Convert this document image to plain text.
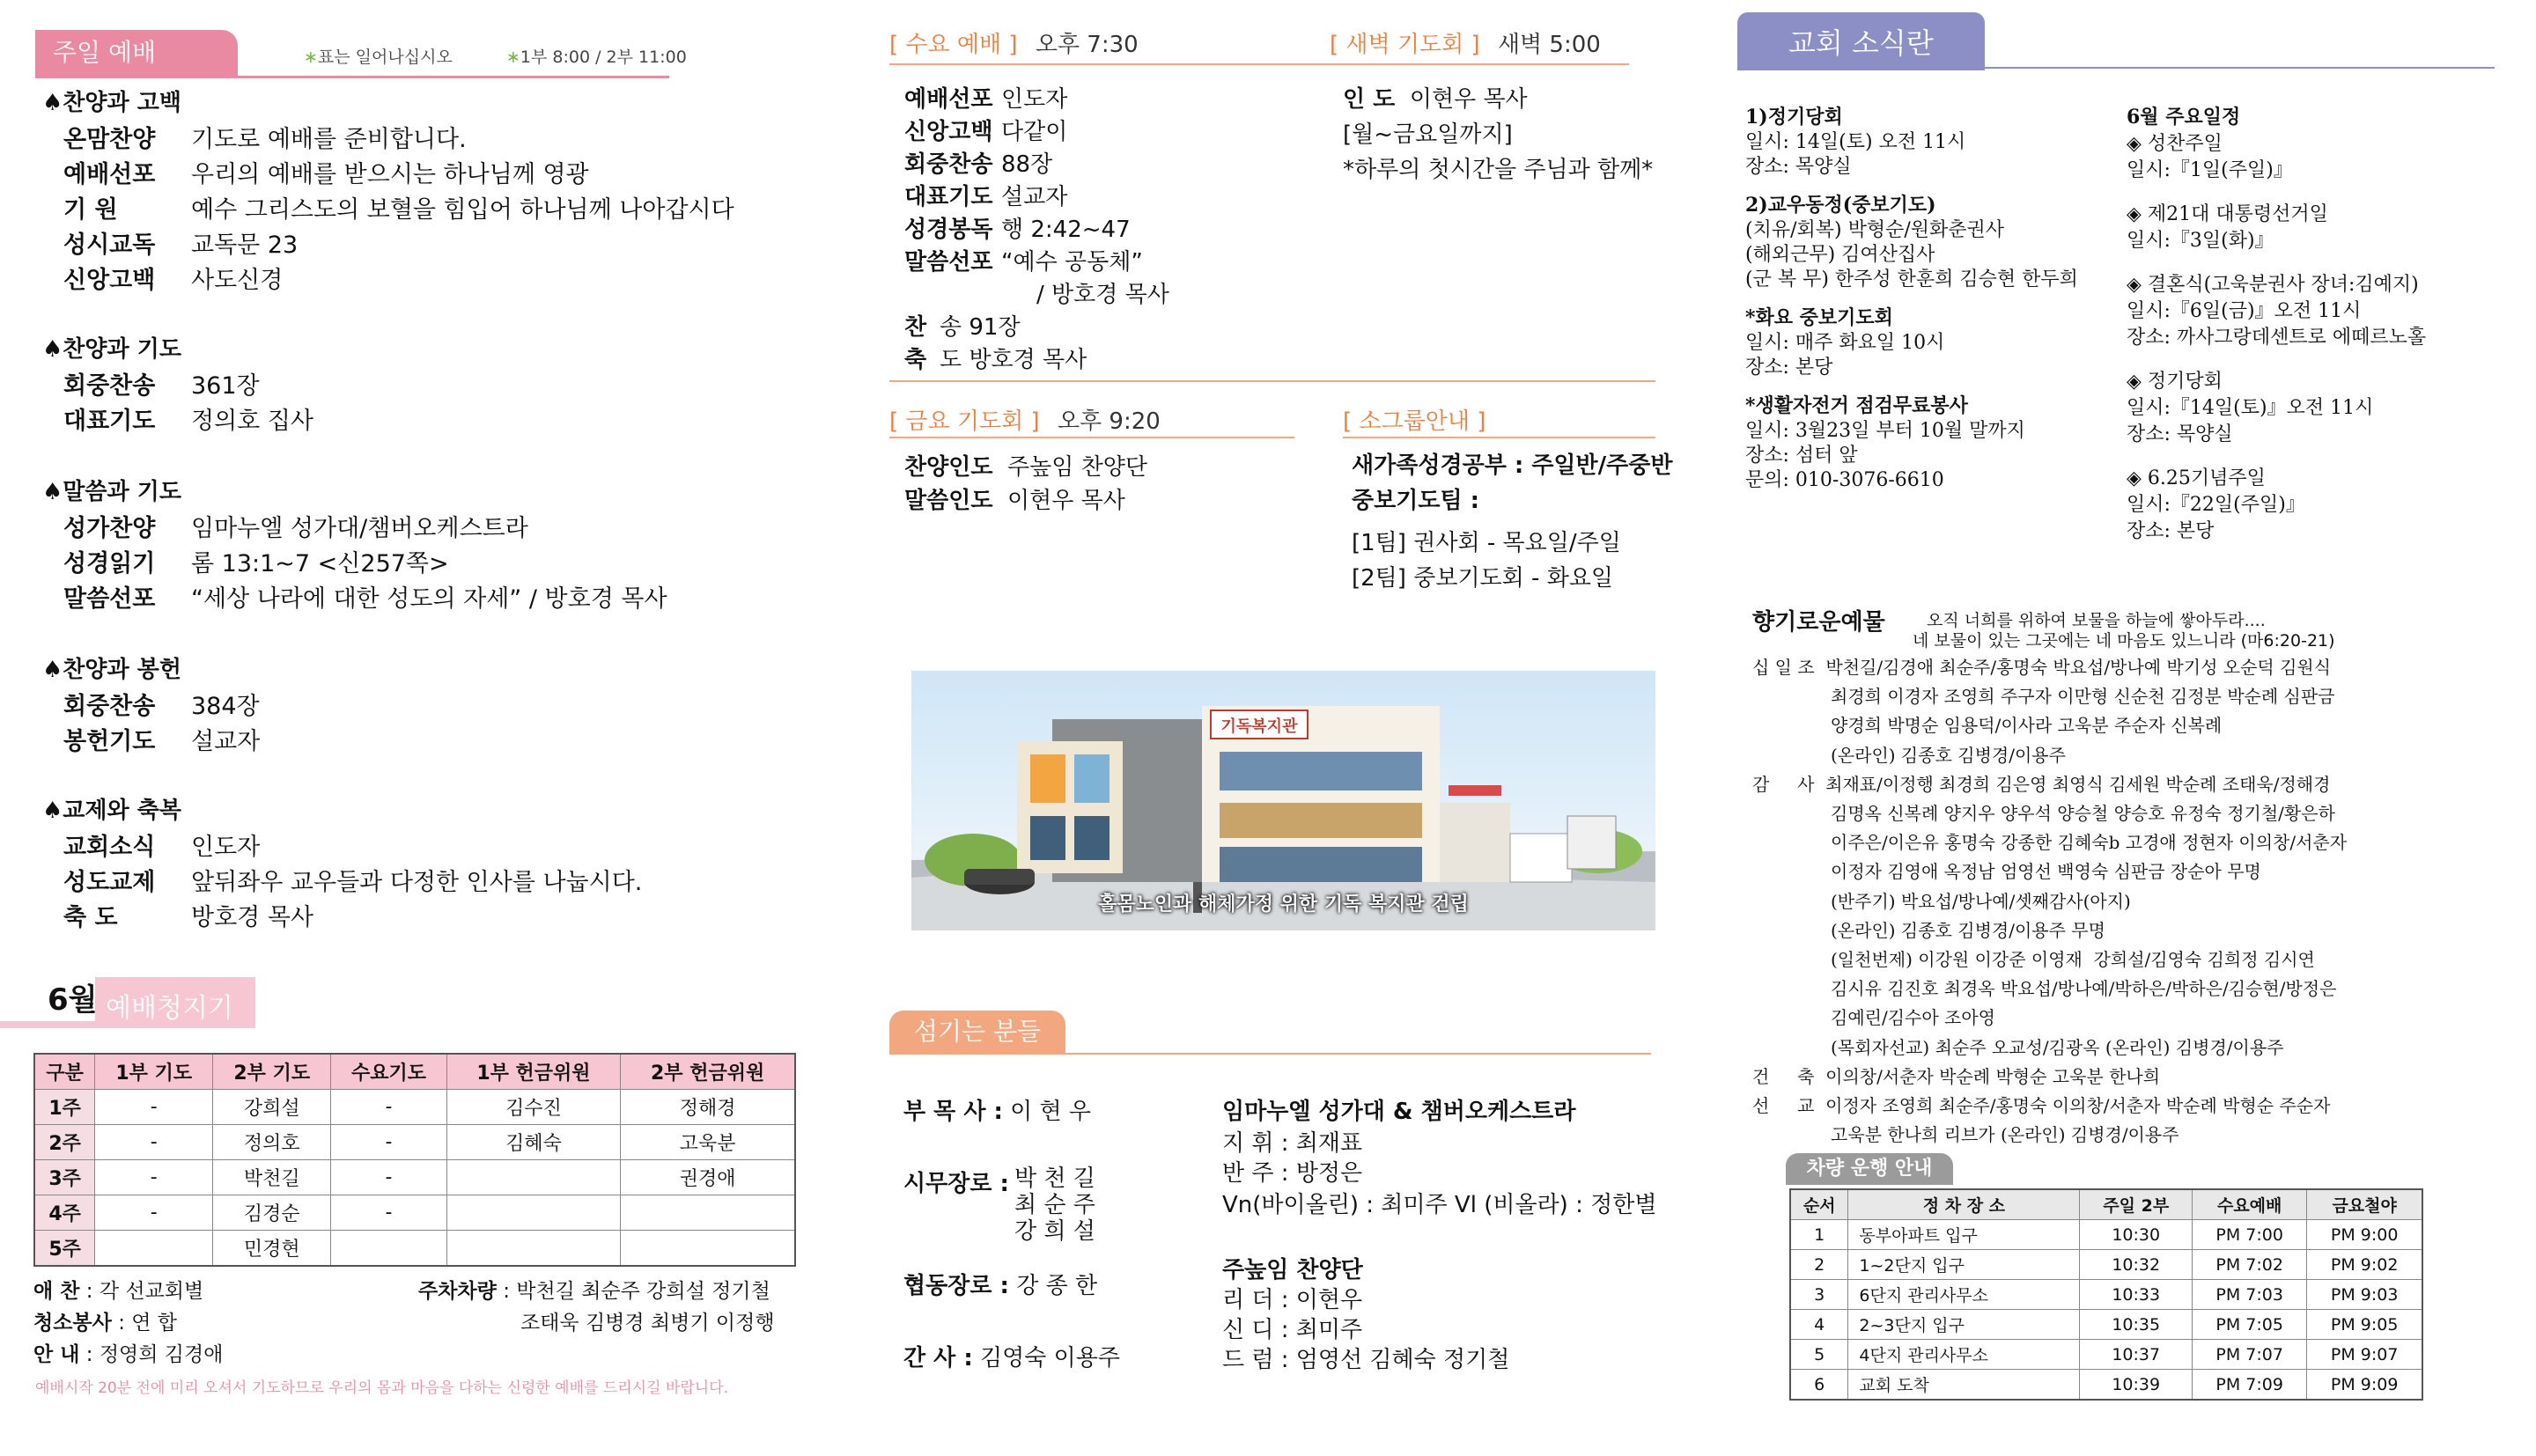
주일 예배	∗표는 일어나십시오	∗1부 8:00 / 2부 11:00
♠찬양과 고백
온맘찬양 기도로 예배를 준비합니다.
예배선포 우리의 예배를 받으시는 하나님께 영광
기 원	예수 그리스도의 보혈을 힘입어 하나님께 나아갑시다
성시교독 교독문 23
신앙고백 사도신경
♠찬양과 기도
회중찬송 361장
대표기도 정의호 집사
♠말씀과 기도
성가찬양 임마누엘 성가대/챔버오케스트라
성경읽기 롬 13:1~7 <신257쪽>
말씀선포 “세상 나라에 대한 성도의 자세” / 방호경 목사
♠찬양과 봉헌
회중찬송 384장
봉헌기도 설교자
♠교제와 축복
교회소식 인도자
성도교제 앞뒤좌우 교우들과 다정한 인사를 나눕시다.
축 도	방호경 목사
6월 예배청지기
구분	1부 기도	2부 기도	수요기도	1부 헌금위원	2부 헌금위원
1주	-	강희설	-	김수진	정해경
2주	-	정의호	-	김혜숙	고욱분
3주	-	박천길	-		권경애
4주	-	김경순	-		
5주		민경현			
애 찬 : 각 선교회별
청소봉사 : 연 합
안 내 : 정영희 김경애
주차차량 : 박천길 최순주 강희설 정기철
조태욱 김병경 최병기 이정행
예배시작 20분 전에 미리 오셔서 기도하므로 우리의 몸과 마음을 다하는 신령한 예배를 드리시길 바랍니다.
[ 수요 예배 ] 오후 7:30	[ 새벽 기도회 ] 새벽 5:00
예배선포 인도자
신앙고백 다같이
회중찬송 88장
대표기도 설교자
성경봉독 행 2:42~47
말씀선포 “예수 공동체”
/ 방호경 목사
찬 송 91장
축 도 방호경 목사
인 도 이현우 목사
[월~금요일까지]
*하루의 첫시간을 주님과 함께*
[ 금요 기도회 ] 오후 9:20	[ 소그룹안내 ]
찬양인도 주높임 찬양단
말씀인도 이현우 목사
새가족성경공부 : 주일반/주중반
중보기도팀 :
[1팀] 권사회 - 목요일/주일
[2팀] 중보기도회 - 화요일
기독복지관
홀몸노인과 해체가정 위한 기독 복지관 건립
섬기는 분들
부 목 사 : 이 현 우
시무장로 : 박 천 길
최 순 주
강 희 설
협동장로 : 강 종 한
간 사 : 김영숙 이용주
임마누엘 성가대 & 챔버오케스트라
지 휘 : 최재표
반 주 : 방정은
Vn(바이올린) : 최미주 Vl (비올라) : 정한별
주높임 찬양단
리 더 : 이현우
신 디 : 최미주
드 럼 : 엄영선 김혜숙 정기철
교회 소식란
1)정기당회
일시: 14일(토) 오전 11시
장소: 목양실
2)교우동정(중보기도)
(치유/회복) 박형순/원화춘권사
(해외근무) 김여산집사
(군 복 무) 한주성 한훈희 김승현 한두희
*화요 중보기도회
일시: 매주 화요일 10시
장소: 본당
*생활자전거 점검무료봉사
일시: 3월23일 부터 10월 말까지
장소: 섬터 앞
문의: 010-3076-6610
6월 주요일정
◈ 성찬주일
일시:『1일(주일)』
◈ 제21대 대통령선거일
일시:『3일(화)』
◈ 결혼식(고욱분권사 장녀:김예지)
일시:『6일(금)』오전 11시
장소: 까사그랑데센트로 에떼르노홀
◈ 정기당회
일시:『14일(토)』오전 11시
장소: 목양실
◈ 6.25기념주일
일시:『22일(주일)』
장소: 본당
향기로운예물 오직 너희를 위하여 보물을 하늘에 쌓아두라....
네 보물이 있는 그곳에는 네 마음도 있느니라 (마6:20-21)
십 일 조  박천길/김경애 최순주/홍명숙 박요섭/방나예 박기성 오순덕 김원식
최경희 이경자 조영희 주구자 이만형 신순천 김정분 박순례 심판금
양경희 박명순 임용덕/이사라 고욱분 주순자 신복례
(온라인) 김종호 김병경/이용주
감     사  최재표/이정행 최경희 김은영 최영식 김세원 박순례 조태욱/정해경
김명옥 신복례 양지우 양우석 양승철 양승호 유정숙 정기철/황은하
이주은/이은유 홍명숙 강종한 김혜숙b 고경애 정현자 이의창/서춘자
이정자 김영애 옥정남 엄영선 백영숙 심판금 장순아 무명
(반주기) 박요섭/방나예/셋째감사(아지)
(온라인) 김종호 김병경/이용주 무명
(일천번제) 이강원 이강준 이영재  강희설/김영숙 김희정 김시연
김시유 김진호 최경옥 박요섭/방나예/박하은/박하은/김승현/방정은
김예린/김수아 조아영
(목회자선교) 최순주 오교성/김광옥 (온라인) 김병경/이용주
건     축  이의창/서춘자 박순례 박형순 고욱분 한나희
선     교  이정자 조영희 최순주/홍명숙 이의창/서춘자 박순례 박형순 주순자
고욱분 한나희 리브가 (온라인) 김병경/이용주
차량 운행 안내
순서	정 차 장 소	주일 2부	수요예배	금요철야
1	동부아파트 입구	10:30	PM 7:00	PM 9:00
2	1~2단지 입구	10:32	PM 7:02	PM 9:02
3	6단지 관리사무소	10:33	PM 7:03	PM 9:03
4	2~3단지 입구	10:35	PM 7:05	PM 9:05
5	4단지 관리사무소	10:37	PM 7:07	PM 9:07
6	교회 도착	10:39	PM 7:09	PM 9:09
